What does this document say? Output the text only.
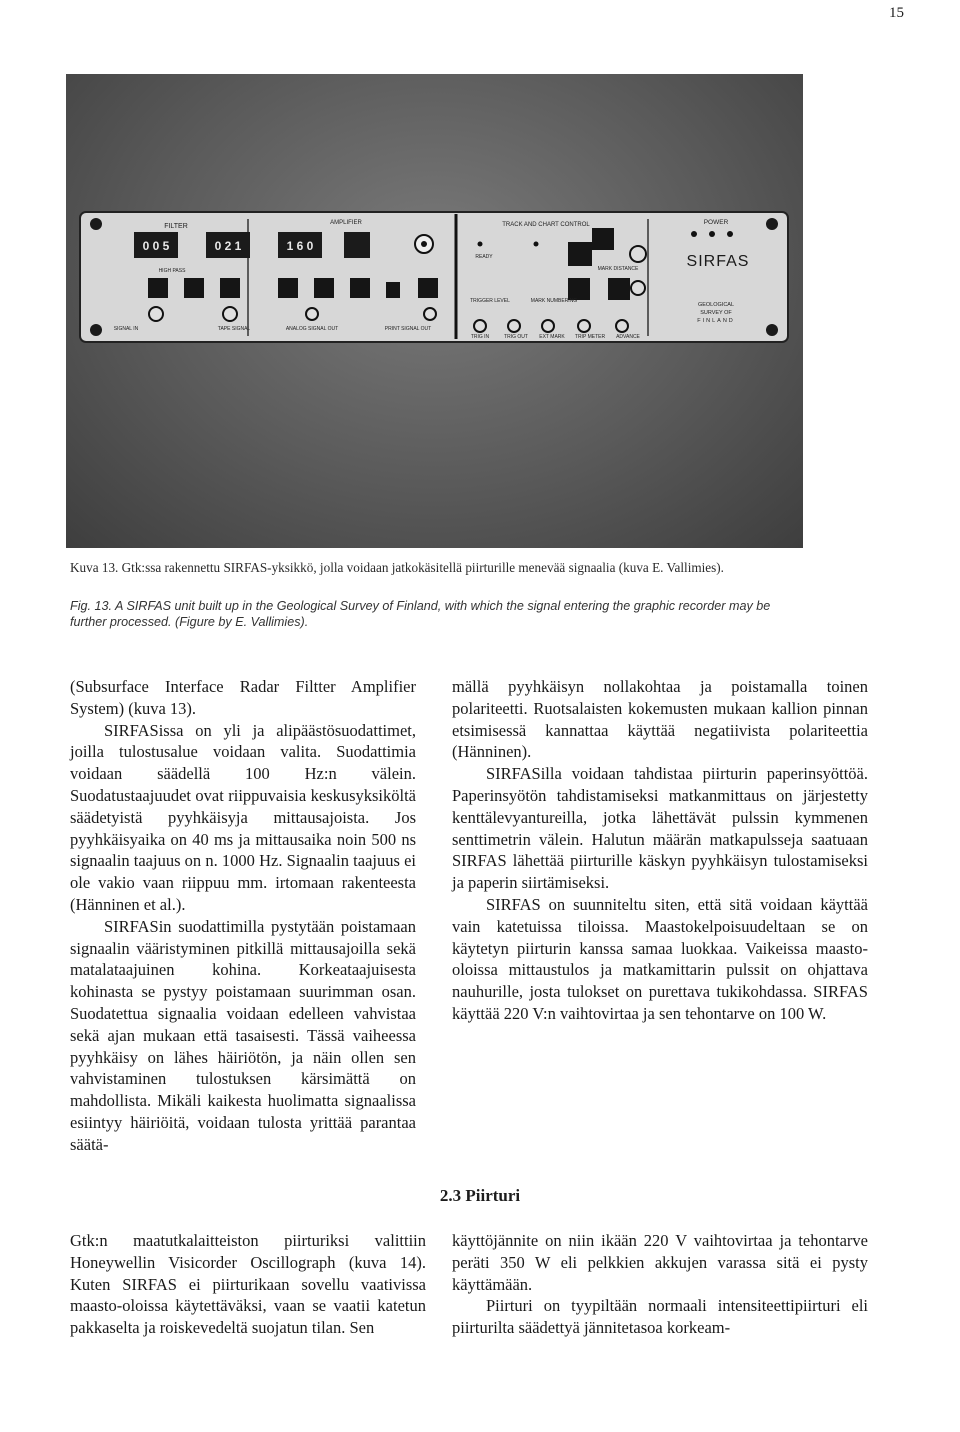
15
FILTER	AMPLIFIER	TRACK AND CHART CONTROL	POWER
0 0 5	0 2 1	1 6 0
HIGH PASS
SIGNAL IN	TAPE SIGNAL	ANALOG SIGNAL OUT	PRINT SIGNAL OUT
READY
TRIGGER LEVEL	MARK NUMBERING
MARK DISTANCE
TRIG IN	TRIG OUT EXT MARK TRIP METER ADVANCE
SIRFAS
GEOLOGICAL
SURVEY OF
FINLAND
Kuva 13. Gtk:ssa rakennettu SIRFAS-yksikkö, jolla voidaan jatkokäsitellä piirturille menevää signaalia (kuva E. Vallimies).
Fig. 13. A SIRFAS unit built up in the Geological Survey of Finland, with which the signal entering the graphic recorder may be further processed. (Figure by E. Vallimies).

(Subsurface Interface Radar Filtter Amplifier System) (kuva 13).

SIRFASissa on yli ja alipäästösuodattimet, joilla tulostusalue voidaan valita. Suodattimia voidaan säädellä 100 Hz:n välein. Suodatustaajuudet ovat riippuvaisia keskusyksiköltä säädetyistä pyyhkäisyja mittausajoista. Jos pyyhkäisyaika on 40 ms ja mittausaika noin 500 ns signaalin taajuus on n. 1000 Hz. Signaalin taajuus ei ole vakio vaan riippuu mm. irtomaan rakenteesta (Hänninen et al.).

SIRFASin suodattimilla pystytään poistamaan signaalin vääristyminen pitkillä mittausajoilla sekä matalataajuinen kohina. Korkeataajuisesta kohinasta se pystyy poistamaan suurimman osan. Suodatettua signaalia voidaan edelleen vahvistaa sekä ajan mukaan että tasaisesti. Tässä vaiheessa pyyhkäisy on lähes häiriötön, ja näin ollen sen vahvistaminen tulostuksen kärsimättä on mahdollista. Mikäli kaikesta huolimatta signaalissa esiintyy häiriöitä, voidaan tulosta yrittää parantaa säätä-

mällä pyyhkäisyn nollakohtaa ja poistamalla toinen polariteetti. Ruotsalaisten kokemusten mukaan kallion pinnan etsimisessä kannattaa käyttää negatiivista polariteettia (Hänninen).

SIRFASilla voidaan tahdistaa piirturin paperinsyöttöä. Paperinsyötön tahdistamiseksi matkanmittaus on järjestetty kenttälevyantureilla, jotka lähettävät pulssin kymmenen senttimetrin välein. Halutun määrän matkapulsseja saatuaan SIRFAS lähettää piirturille käskyn pyyhkäisyn tulostamiseksi ja paperin siirtämiseksi.

SIRFAS on suunniteltu siten, että sitä voidaan käyttää vain katetuissa tiloissa. Maastokelpoisuudeltaan se on käytetyn piirturin kanssa samaa luokkaa. Vaikeissa maasto-oloissa mittaustulos ja matkamittarin pulssit on ohjattava nauhurille, josta tulokset on purettava tukikohdassa. SIRFAS käyttää 220 V:n vaihtovirtaa ja sen tehontarve on 100 W.

2.3 Piirturi

Gtk:n maatutkalaitteiston piirturiksi valittiin Honeywellin Visicorder Oscillograph (kuva 14). Kuten SIRFAS ei piirturikaan sovellu vaativissa maasto-oloissa käytettäväksi, vaan se vaatii katetun pakkaselta ja roiskevedeltä suojatun tilan. Sen

käyttöjännite on niin ikään 220 V vaihtovirtaa ja tehontarve peräti 350 W eli pelkkien akkujen varassa sitä ei pysty käyttämään.

Piirturi on tyypiltään normaali intensiteettipiirturi eli piirturilta säädettyä jännitetasoa korkeam-
